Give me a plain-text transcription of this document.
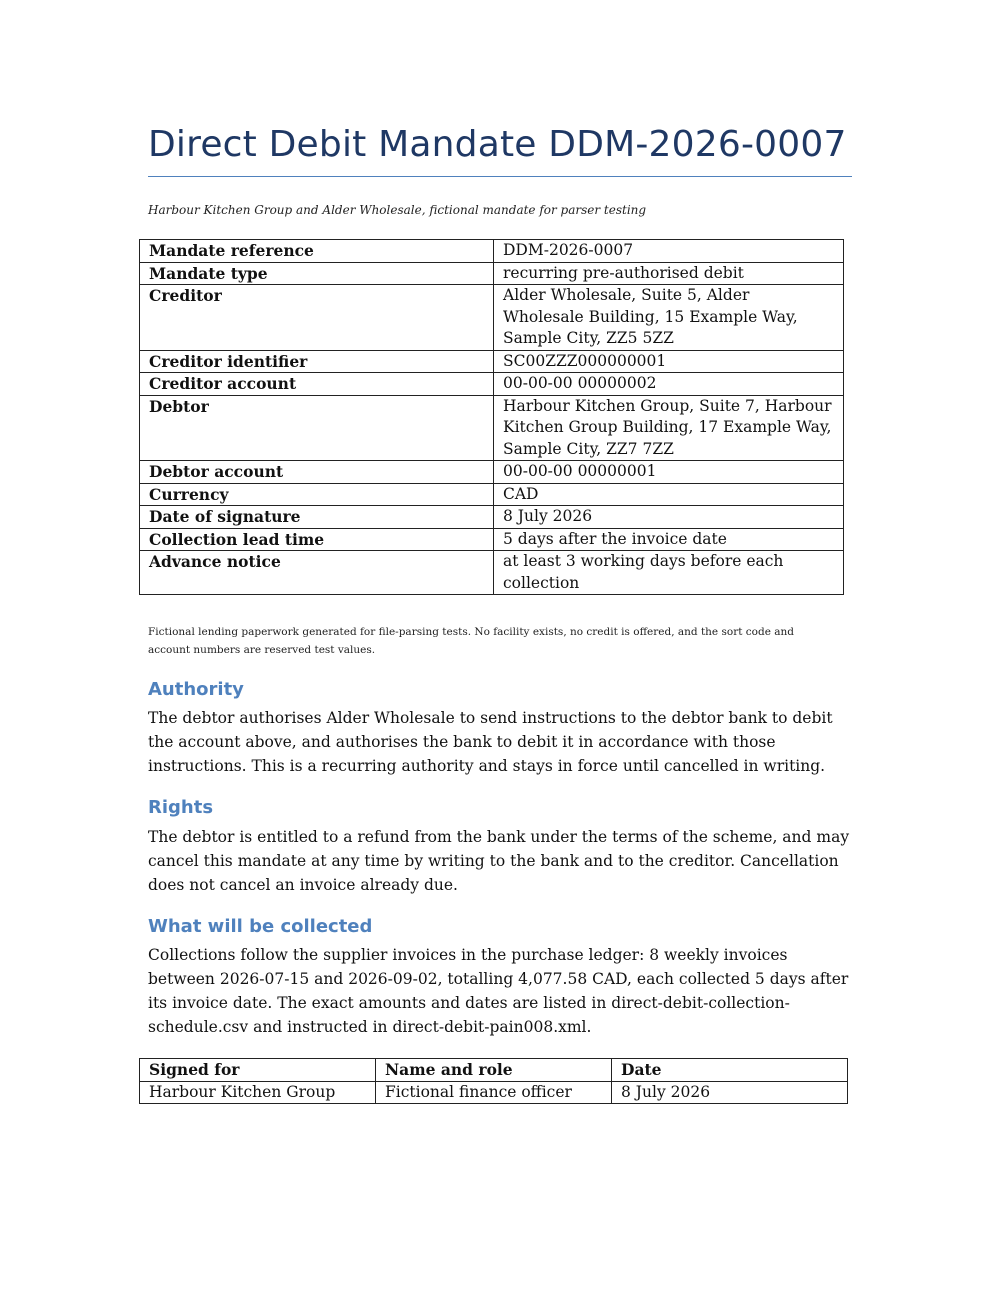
Direct Debit Mandate DDM-2026-0007

Harbour Kitchen Group and Alder Wholesale, fictional mandate for parser testing

Mandate reference	DDM-2026-0007
Mandate type	recurring pre-authorised debit
Creditor	Alder Wholesale, Suite 5, Alder Wholesale Building, 15 Example Way, Sample City, ZZ5 5ZZ
Creditor identifier	SC00ZZZ000000001
Creditor account	00-00-00 00000002
Debtor	Harbour Kitchen Group, Suite 7, Harbour Kitchen Group Building, 17 Example Way, Sample City, ZZ7 7ZZ
Debtor account	00-00-00 00000001
Currency	CAD
Date of signature	8 July 2026
Collection lead time	5 days after the invoice date
Advance notice	at least 3 working days before each collection

Fictional lending paperwork generated for file-parsing tests. No facility exists, no credit is offered, and the sort code and account numbers are reserved test values.

Authority

The debtor authorises Alder Wholesale to send instructions to the debtor bank to debit the account above, and authorises the bank to debit it in accordance with those instructions. This is a recurring authority and stays in force until cancelled in writing.

Rights

The debtor is entitled to a refund from the bank under the terms of the scheme, and may cancel this mandate at any time by writing to the bank and to the creditor. Cancellation does not cancel an invoice already due.

What will be collected

Collections follow the supplier invoices in the purchase ledger: 8 weekly invoices between 2026-07-15 and 2026-09-02, totalling 4,077.58 CAD, each collected 5 days after its invoice date. The exact amounts and dates are listed in direct-debit-collection-schedule.csv and instructed in direct-debit-pain008.xml.

Signed for	Name and role	Date
Harbour Kitchen Group	Fictional finance officer	8 July 2026
